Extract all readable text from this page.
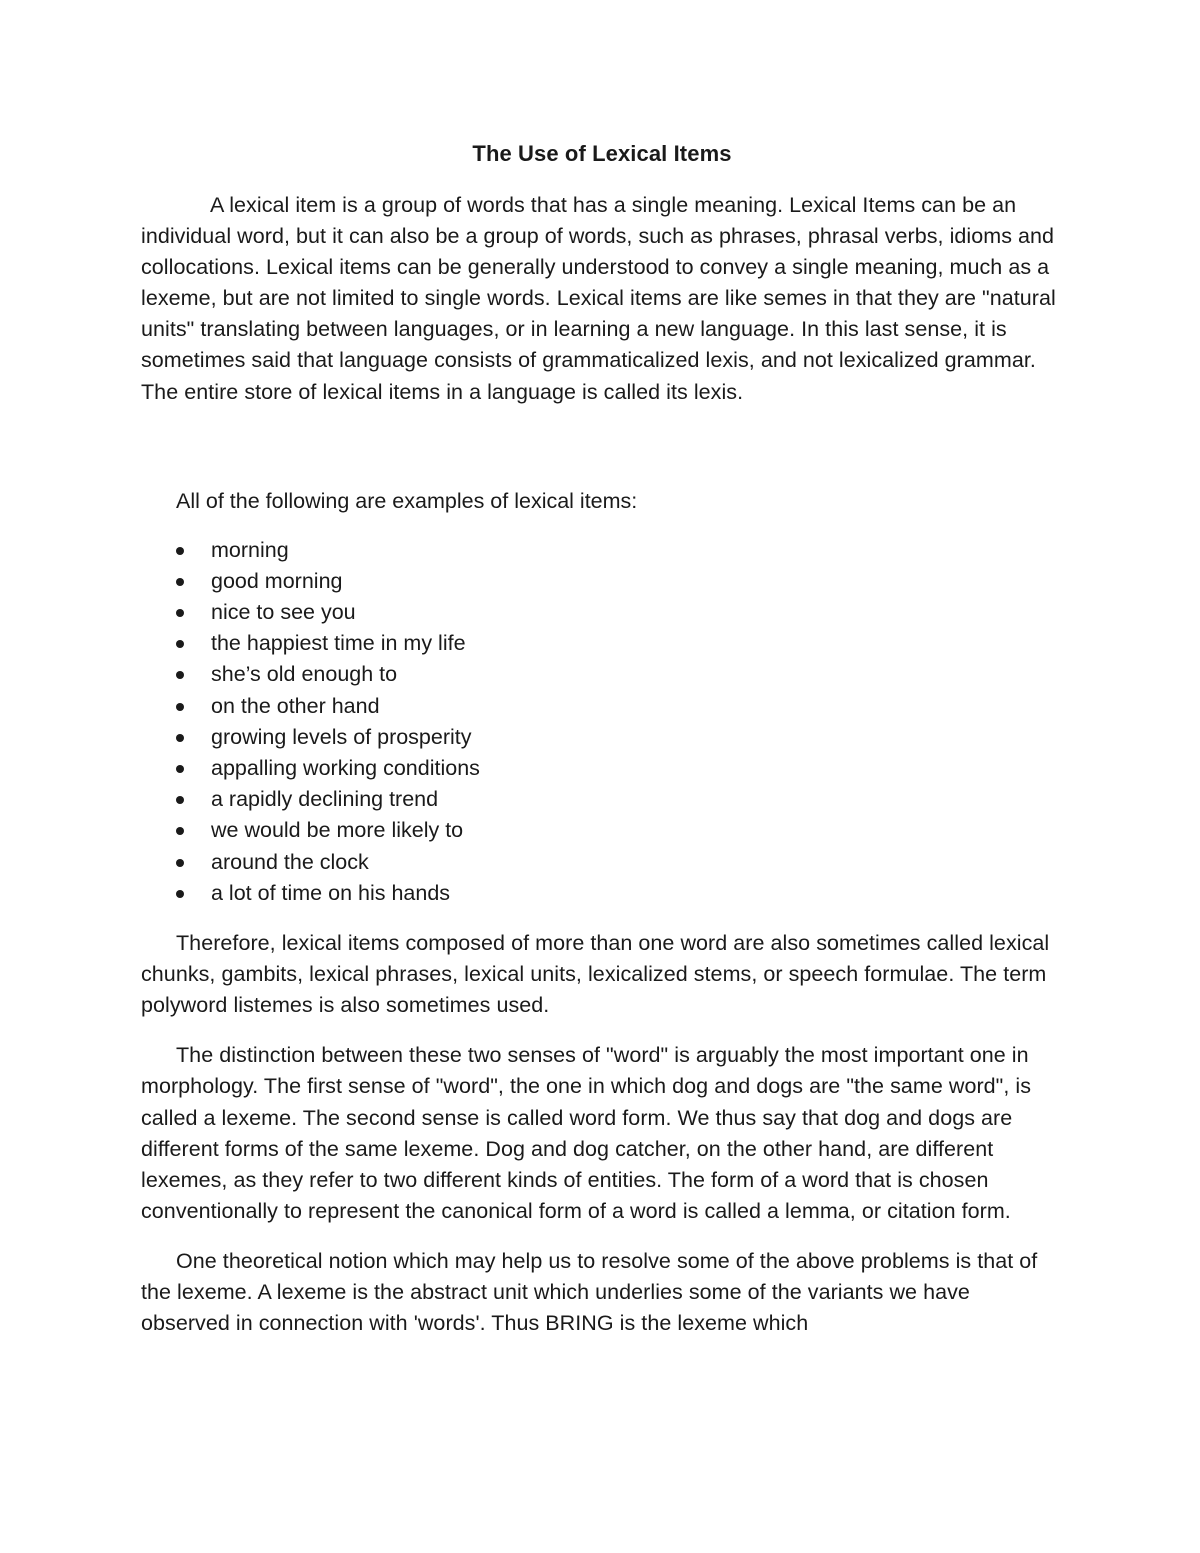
The Use of Lexical Items

A lexical item is a group of words that has a single meaning. Lexical Items can be an individual word, but it can also be a group of words, such as phrases, phrasal verbs, idioms and collocations. Lexical items can be generally understood to convey a single meaning, much as a lexeme, but are not limited to single words. Lexical items are like semes in that they are "natural units" translating between languages, or in learning a new language. In this last sense, it is sometimes said that language consists of grammaticalized lexis, and not lexicalized grammar. The entire store of lexical items in a language is called its lexis.

All of the following are examples of lexical items:

morning
good morning
nice to see you
the happiest time in my life
she’s old enough to
on the other hand
growing levels of prosperity
appalling working conditions
a rapidly declining trend
we would be more likely to
around the clock
a lot of time on his hands

Therefore, lexical items composed of more than one word are also sometimes called lexical chunks, gambits, lexical phrases, lexical units, lexicalized stems, or speech formulae. The term polyword listemes is also sometimes used.

The distinction between these two senses of "word" is arguably the most important one in morphology. The first sense of "word", the one in which dog and dogs are "the same word", is called a lexeme. The second sense is called word form. We thus say that dog and dogs are different forms of the same lexeme. Dog and dog catcher, on the other hand, are different lexemes, as they refer to two different kinds of entities. The form of a word that is chosen conventionally to represent the canonical form of a word is called a lemma, or citation form.

One theoretical notion which may help us to resolve some of the above problems is that of the lexeme. A lexeme is the abstract unit which underlies some of the variants we have observed in connection with 'words'. Thus BRING is the lexeme which
